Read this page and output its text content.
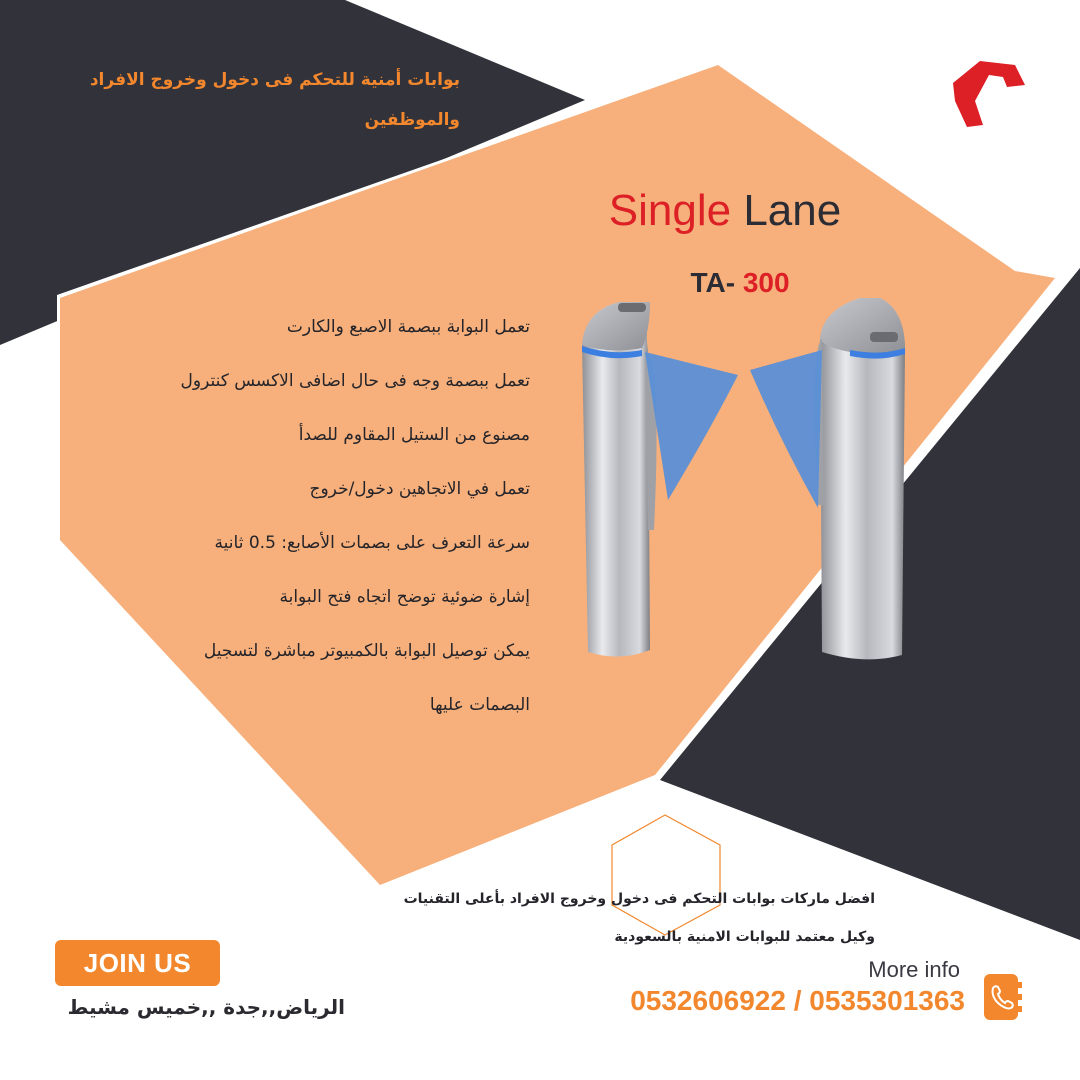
بوابات أمنية للتحكم فى دخول وخروج الافراد والموظفين
Single Lane
TA- 300
تعمل البوابة ببصمة الاصبع والكارت
تعمل ببصمة وجه فى حال اضافى الاكسس كنترول
مصنوع من الستيل المقاوم للصدأ
تعمل في الاتجاهين دخول/خروج
سرعة التعرف على بصمات الأصابع: 0.5 ثانية
إشارة ضوئية توضح اتجاه فتح البوابة
يمكن توصيل البوابة بالكمبيوتر مباشرة لتسجيل
البصمات عليها
افضل ماركات بوابات التحكم فى دخول وخروج الافراد بأعلى التقنيات
وكيل معتمد للبوابات الامنية بالسعودية
JOIN US
الرياض,,جدة ,,خميس مشيط
More info
0532606922 / 0535301363
